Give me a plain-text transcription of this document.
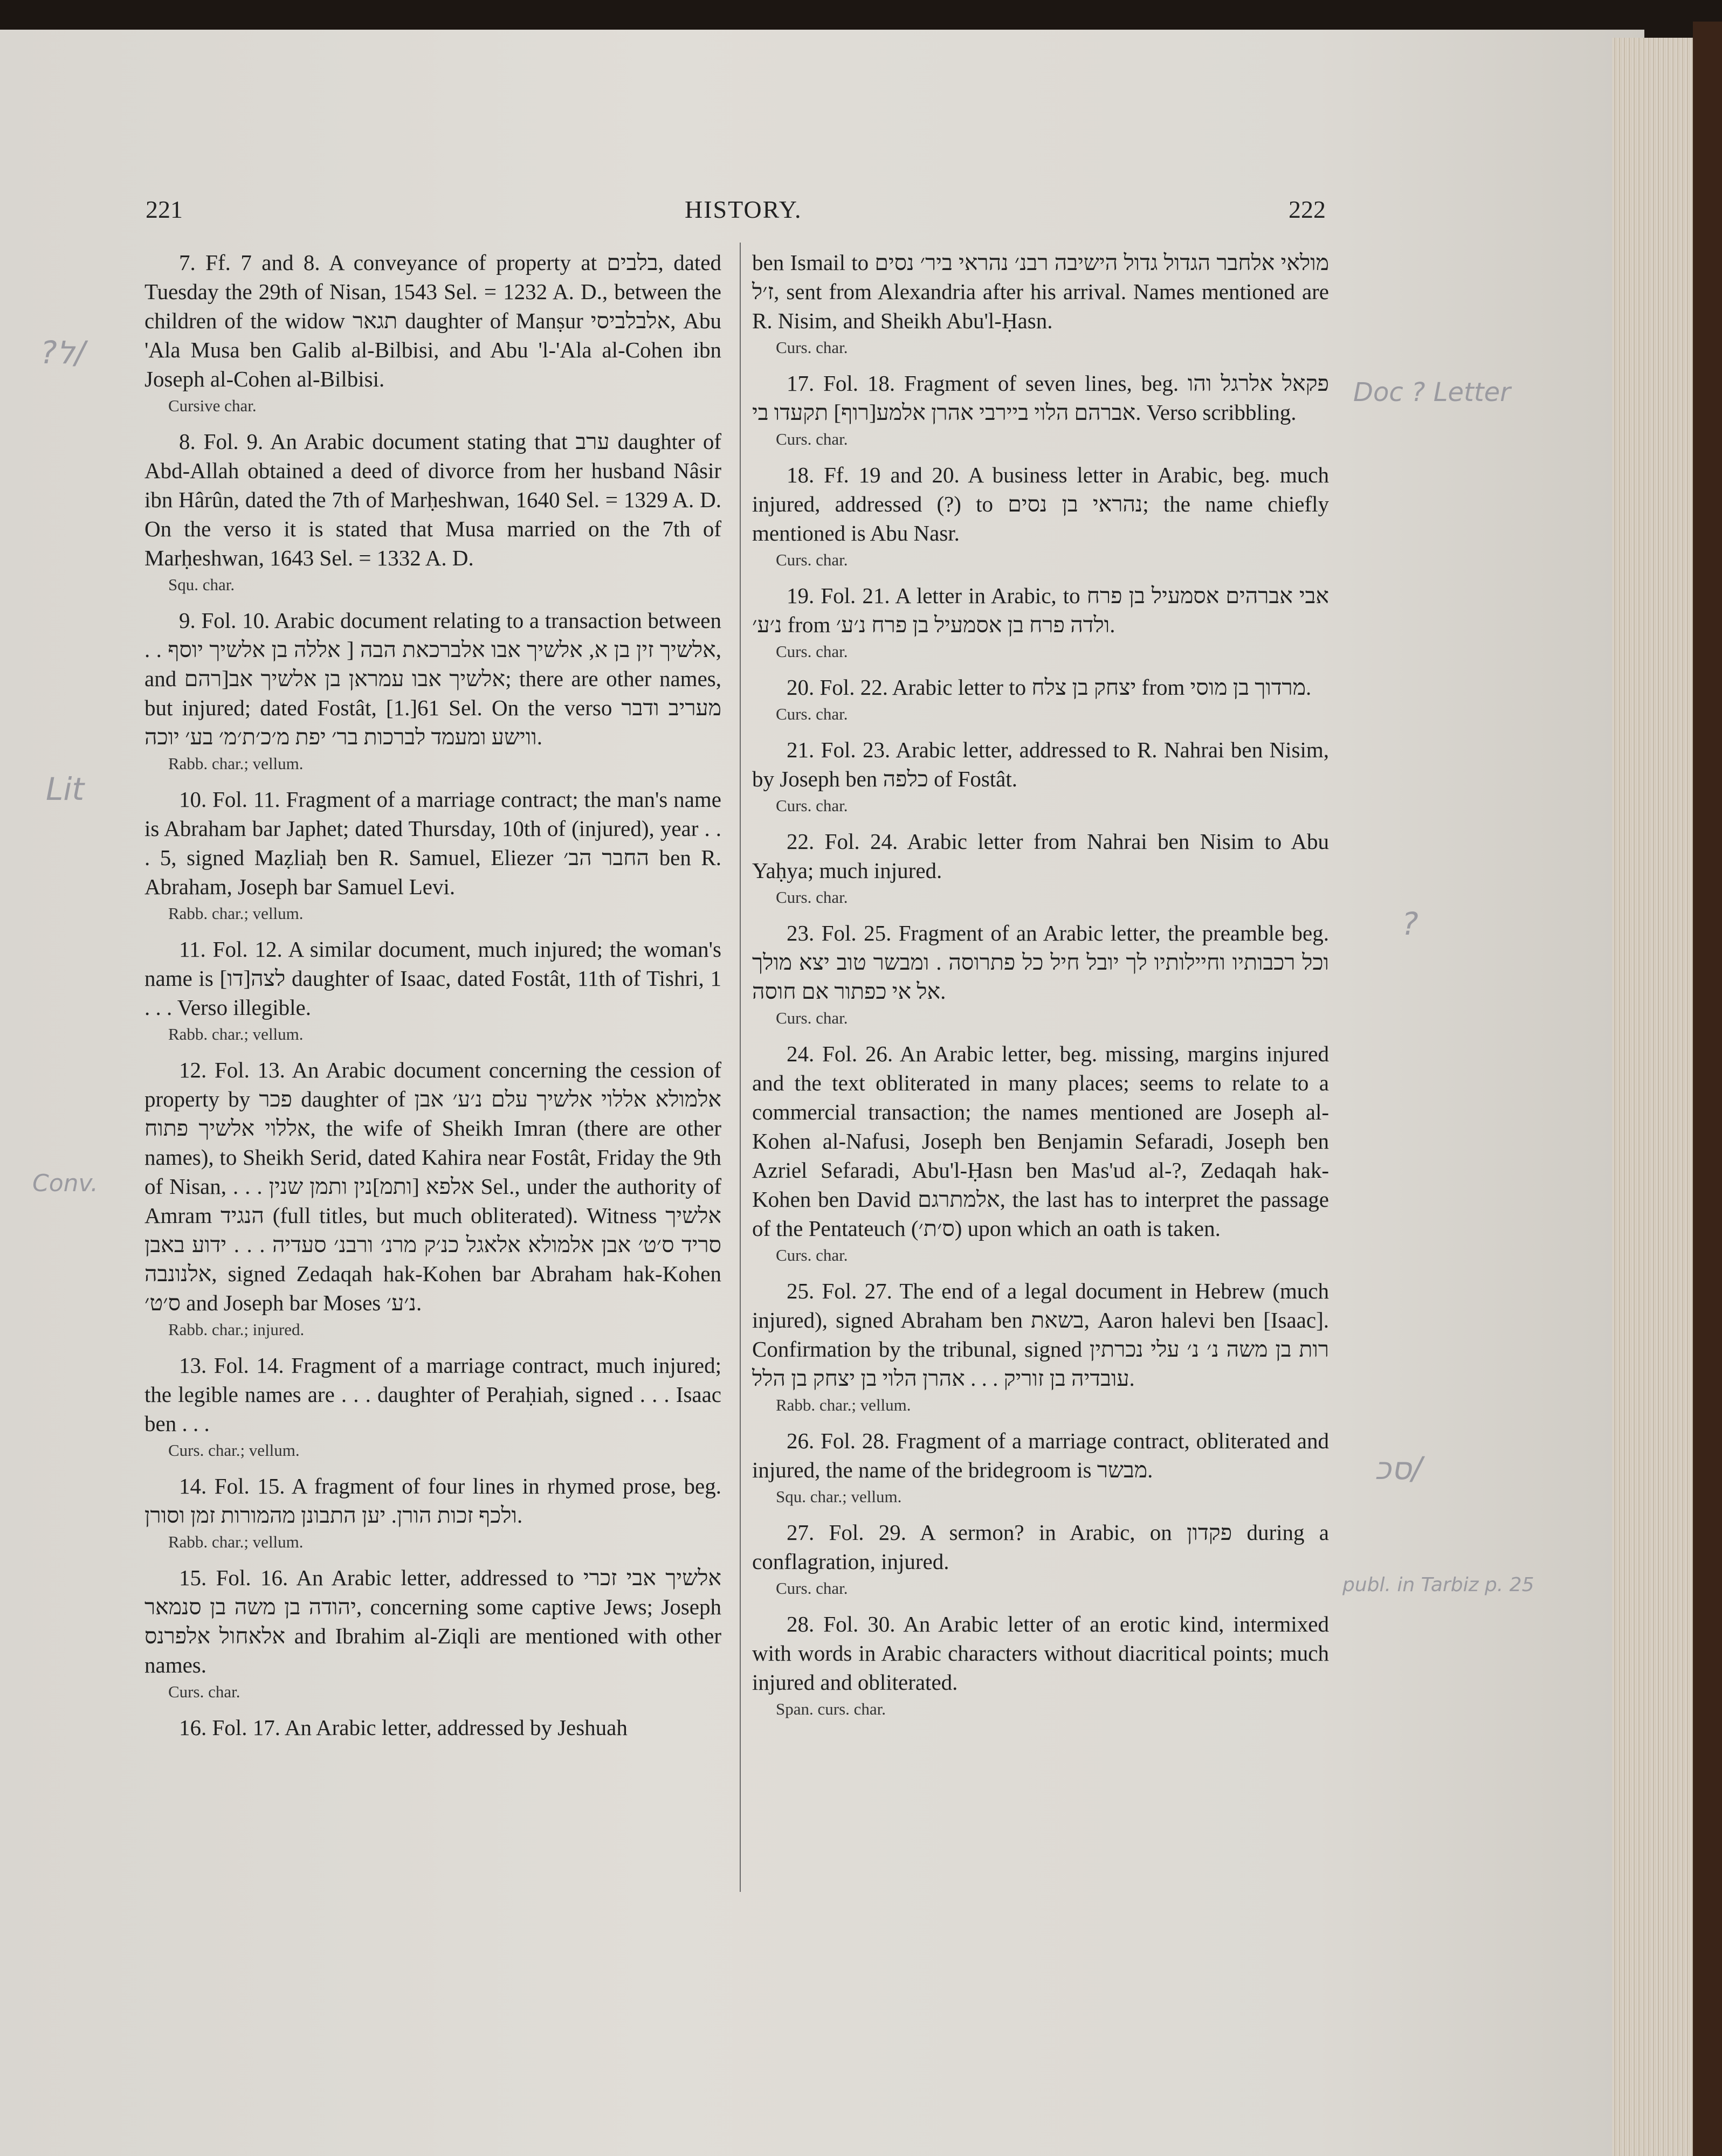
221	HISTORY.	222

7. Ff. 7 and 8. A conveyance of property at בלבים, dated Tuesday the 29th of Nisan, 1543 Sel. = 1232 A. D., between the children of the widow תגאר daughter of Manṣur אלבלביסי, Abu 'Ala Musa ben Galib al-Bilbisi, and Abu 'l-'Ala al-Cohen ibn Joseph al-Cohen al-Bilbisi.

Cursive char.

8. Fol. 9. An Arabic document stating that ערב daughter of Abd-Allah obtained a deed of divorce from her husband Nâsir ibn Hârûn, dated the 7th of Marḥeshwan, 1640 Sel. = 1329 A. D. On the verso it is stated that Musa married on the 7th of Marḥeshwan, 1643 Sel. = 1332 A. D.

Squ. char.

9. Fol. 10. Arabic document relating to a transaction between . . אלשיך זין בן א, אלשיך אבו אלברכאת הבה [ אללה בן אלשיך יוסף, and אלשיך אבו עמראן בן אלשיך אב[רהם; there are other names, but injured; dated Fostât, [1.]61 Sel. On the verso מעריב ודבר ווישע ומעמד לברכות בר׳ יפת מ׳כ׳ת׳מ׳ בע׳ יוכה.

Rabb. char.; vellum.

10. Fol. 11. Fragment of a marriage contract; the man's name is Abraham bar Japhet; dated Thursday, 10th of (injured), year . . . 5, signed Maẓliaḥ ben R. Samuel, Eliezer החבר הב׳ ben R. Abraham, Joseph bar Samuel Levi.

Rabb. char.; vellum.

11. Fol. 12. A similar document, much injured; the woman's name is [דו]לצה daughter of Isaac, dated Fostât, 11th of Tishri, 1 . . . Verso illegible.

Rabb. char.; vellum.

12. Fol. 13. An Arabic document concerning the cession of property by פכר daughter of אלמולא אללוי אלשיך עלם נ׳ע׳ אבן אללוי אלשיך פתוח, the wife of Sheikh Imran (there are other names), to Sheikh Serid, dated Kahira near Fostât, Friday the 9th of Nisan, . . . אלפא [ותמ]נין ותמן שנין Sel., under the authority of Amram הנגיד (full titles, but much obliterated). Witness אלשיך סריד ס׳ט׳ אבן אלמולא אלאגל כנ׳ק מרנ׳ ורבנ׳ סעדיה . . . ידוע באבן אלנונבה, signed Zedaqah hak-Kohen bar Abraham hak-Kohen ס׳ט׳ and Joseph bar Moses נ׳ע׳.

Rabb. char.; injured.

13. Fol. 14. Fragment of a marriage contract, much injured; the legible names are . . . daughter of Peraḥiah, signed . . . Isaac ben . . .

Curs. char.; vellum.

14. Fol. 15. A fragment of four lines in rhymed prose, beg. ולכף זכות הורן. יען התבונן מהמורות זמן וסורן.

Rabb. char.; vellum.

15. Fol. 16. An Arabic letter, addressed to אלשיך אבי זכרי יהודה בן משה בן סנמאר, concerning some captive Jews; Joseph אלאחול אלפרנס and Ibrahim al-Ziqli are mentioned with other names.

Curs. char.

16. Fol. 17. An Arabic letter, addressed by Jeshuah

ben Ismail to מולאי אלחבר הגדול גדול הישיבה רבנ׳ נהראי ביר׳ נסים ז׳ל, sent from Alexandria after his arrival. Names mentioned are R. Nisim, and Sheikh Abu'l-Ḥasn.

Curs. char.

17. Fol. 18. Fragment of seven lines, beg. פקאל אלרגל והו אברהם הלוי ביירבי אהרן אלמע[רוף] תקעדו בי. Verso scribbling.

Curs. char.

18. Ff. 19 and 20. A business letter in Arabic, beg. much injured, addressed (?) to נהראי בן נסים; the name chiefly mentioned is Abu Nasr.

Curs. char.

19. Fol. 21. A letter in Arabic, to אבי אברהים אסמעיל בן פרח נ׳ע׳ from ולדה פרח בן אסמעיל בן פרח נ׳ע׳.

Curs. char.

20. Fol. 22. Arabic letter to יצחק בן צלח from מרדוך בן מוסי.

Curs. char.

21. Fol. 23. Arabic letter, addressed to R. Nahrai ben Nisim, by Joseph ben כלפה of Fostât.

Curs. char.

22. Fol. 24. Arabic letter from Nahrai ben Nisim to Abu Yaḥya; much injured.

Curs. char.

23. Fol. 25. Fragment of an Arabic letter, the preamble beg. וכל רכבותיו וחיילותיו לך יובל חיל כל פתרוסה . ומבשר טוב יצא מולך אל אי כפתור אם חוסה.

Curs. char.

24. Fol. 26. An Arabic letter, beg. missing, margins injured and the text obliterated in many places; seems to relate to a commercial transaction; the names mentioned are Joseph al-Kohen al-Nafusi, Joseph ben Benjamin Sefaradi, Joseph ben Azriel Sefaradi, Abu'l-Ḥasn ben Mas'ud al-?, Zedaqah hak-Kohen ben David אלמתרגם, the last has to interpret the passage of the Pentateuch (ס׳ת׳) upon which an oath is taken.

Curs. char.

25. Fol. 27. The end of a legal document in Hebrew (much injured), signed Abraham ben בשאת, Aaron halevi ben [Isaac]. Confirmation by the tribunal, signed רות בן משה נ׳ נ׳ עלי נכרתין עובדיה בן זוריק . . . אהרן הלוי בן יצחק בן הלל.

Rabb. char.; vellum.

26. Fol. 28. Fragment of a marriage contract, obliterated and injured, the name of the bridegroom is מבשר.

Squ. char.; vellum.

27. Fol. 29. A sermon? in Arabic, on פקדון during a conflagration, injured.

Curs. char.

28. Fol. 30. An Arabic letter of an erotic kind, intermixed with words in Arabic characters without diacritical points; much injured and obliterated.

Span. curs. char.
?ל/
Lit
Conv.
Doc ? Letter
?
סכ/
publ. in Tarbiz p. 25
